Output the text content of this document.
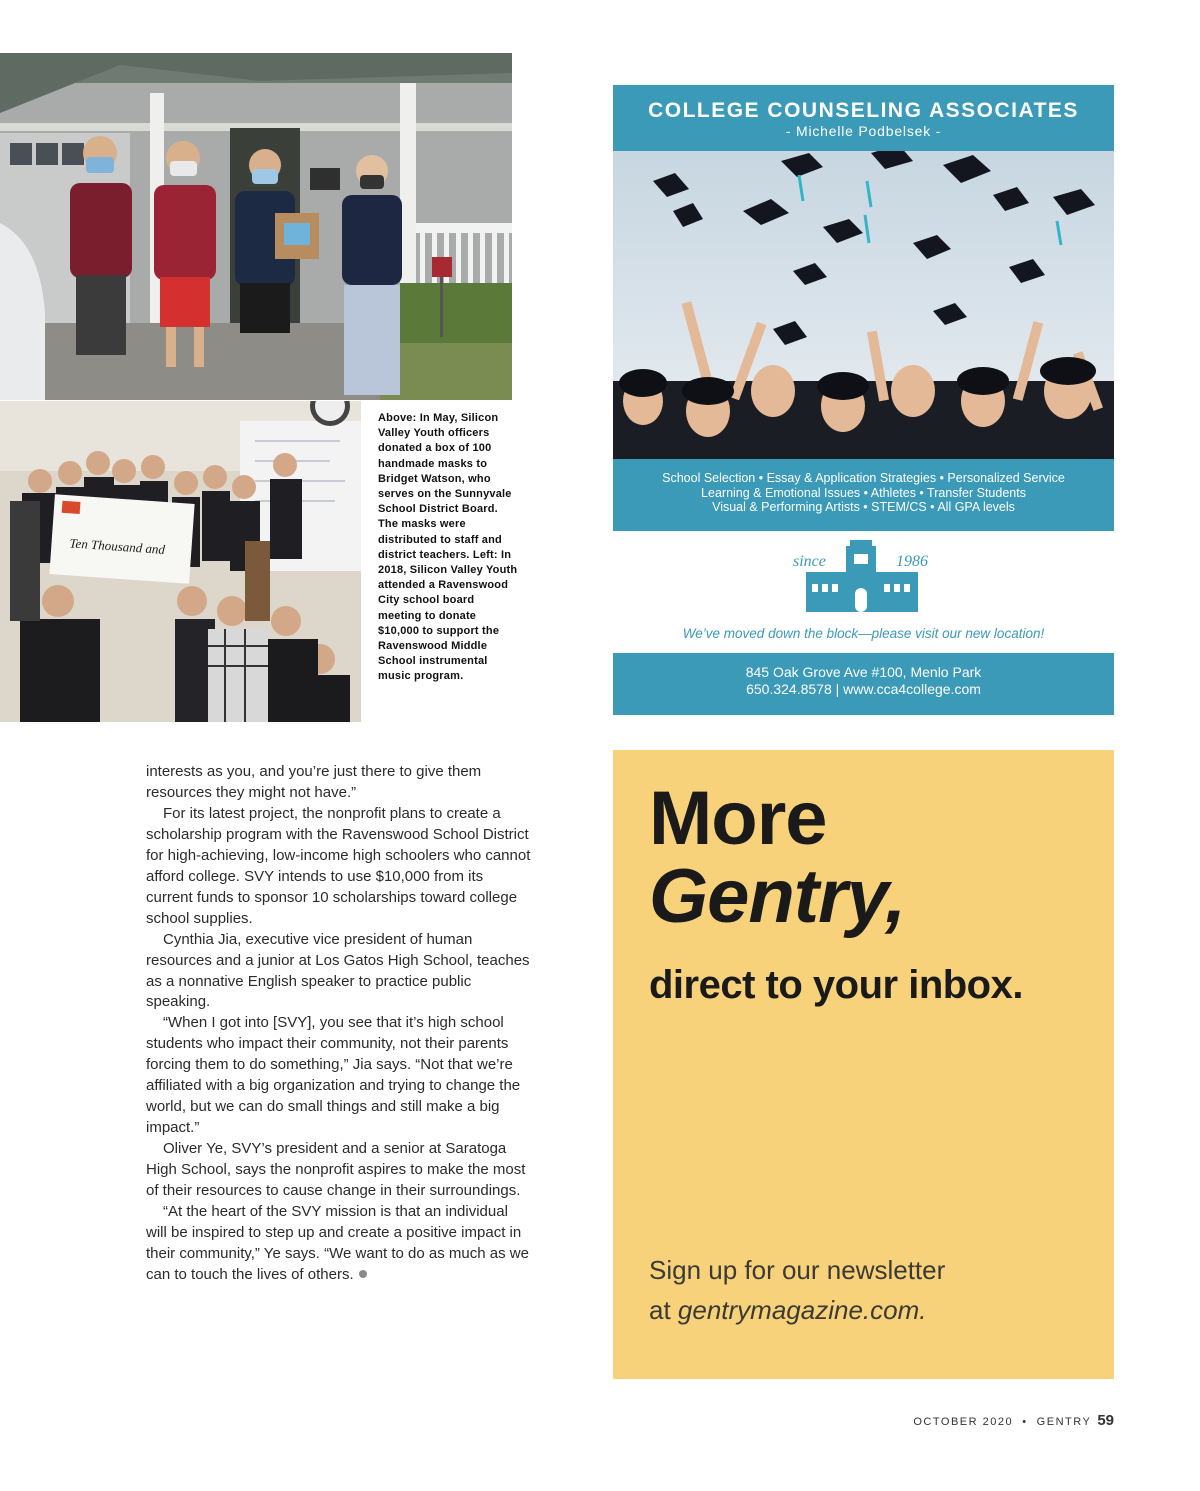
Ten Thousand and
Above: In May, Silicon Valley Youth officers donated a box of 100 handmade masks to Bridget Watson, who serves on the Sunnyvale School District Board. The masks were distributed to staff and district teachers. Left: In 2018, Silicon Valley Youth attended a Ravenswood City school board meeting to donate $10,000 to support the Ravenswood Middle School instrumental music program.

interests as you, and you’re just there to give them resources they might not have.”

For its latest project, the nonprofit plans to create a scholarship program with the Ravenswood School District for high-achieving, low-income high schoolers who cannot afford college. SVY intends to use $10,000 from its current funds to sponsor 10 scholarships toward college school supplies.

Cynthia Jia, executive vice president of human resources and a junior at Los Gatos High School, teaches as a nonnative English speaker to practice public speaking.

“When I got into [SVY], you see that it’s high school students who impact their community, not their parents forcing them to do something,” Jia says. “Not that we’re affiliated with a big organization and trying to change the world, but we can do small things and still make a big impact.”

Oliver Ye, SVY’s president and a senior at Saratoga High School, says the nonprofit aspires to make the most of their resources to cause change in their surroundings.

“At the heart of the SVY mission is that an individual will be inspired to step up and create a positive impact in their community,” Ye says. “We want to do as much as we can to touch the lives of others.

COLLEGE COUNSELING ASSOCIATES
- Michelle Podbelsek -
School Selection • Essay & Application Strategies • Personalized Service
Learning & Emotional Issues • Athletes • Transfer Students
Visual & Performing Artists • STEM/CS • All GPA levels
since	1986
We’ve moved down the block—please visit our new location!
845 Oak Grove Ave #100, Menlo Park
650.324.8578 | www.cca4college.com
More
Gentry,
direct to your inbox.
Sign up for our newsletter
at gentrymagazine.com.
OCTOBER 2020  •  GENTRY 59
